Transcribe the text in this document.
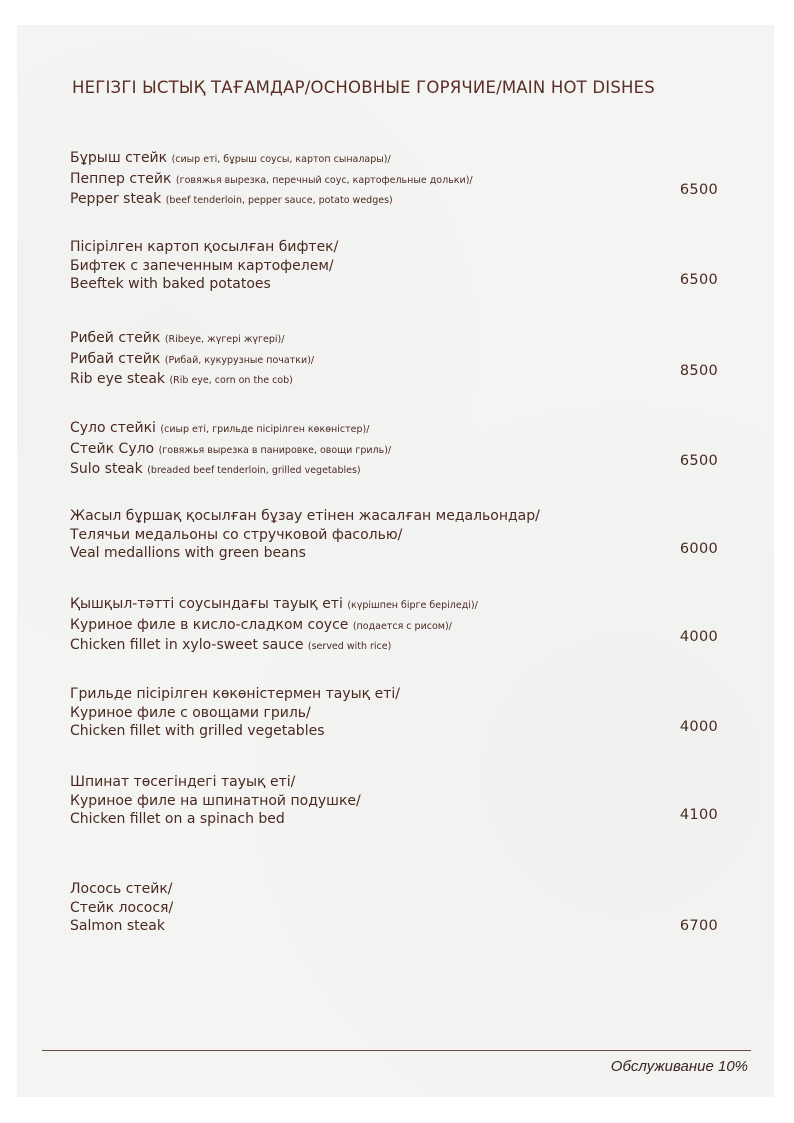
НЕГІЗГІ ЫСТЫҚ ТАҒАМДАР/ОСНОВНЫЕ ГОРЯЧИЕ/MAIN HOT DISHES
Бұрыш стейк (сиыр еті, бұрыш соусы, картоп сыналары)/
Пеппер стейк (говяжья вырезка, перечный соус, картофельные дольки)/
Pepper steak (beef tenderloin, pepper sauce, potato wedges)
6500
Пісірілген картоп қосылған бифтек/
Бифтек с запеченным картофелем/
Beeftek with baked potatoes	6500
Рибей стейк (Ribeye, жүгері жүгері)/
Рибай стейк (Рибай, кукурузные початки)/
Rib eye steak (Rib eye, corn on the cob)
8500
Суло стейкі (сиыр еті, грильде пісірілген көкөністер)/
Стейк Суло (говяжья вырезка в панировке, овощи гриль)/
Sulo steak (breaded beef tenderloin, grilled vegetables)
6500
Жасыл бұршақ қосылған бұзау етінен жасалған медальондар/
Телячьи медальоны со стручковой фасолью/
Veal medallions with green beans	6000
Қышқыл-тәтті соусындағы тауық еті (күрішпен бірге беріледі)/
Куриное филе в кисло-сладком соусе (подается с рисом)/
Chicken fillet in xylo-sweet sauce (served with rice)
4000
Грильде пісірілген көкөністермен тауық еті/
Куриное филе с овощами гриль/
Chicken fillet with grilled vegetables	4000
Шпинат төсегіндегі тауық еті/
Куриное филе на шпинатной подушке/
Chicken fillet on a spinach bed	4100
Лосось стейк/
Стейк лосося/
Salmon steak	6700
Обслуживание 10%
